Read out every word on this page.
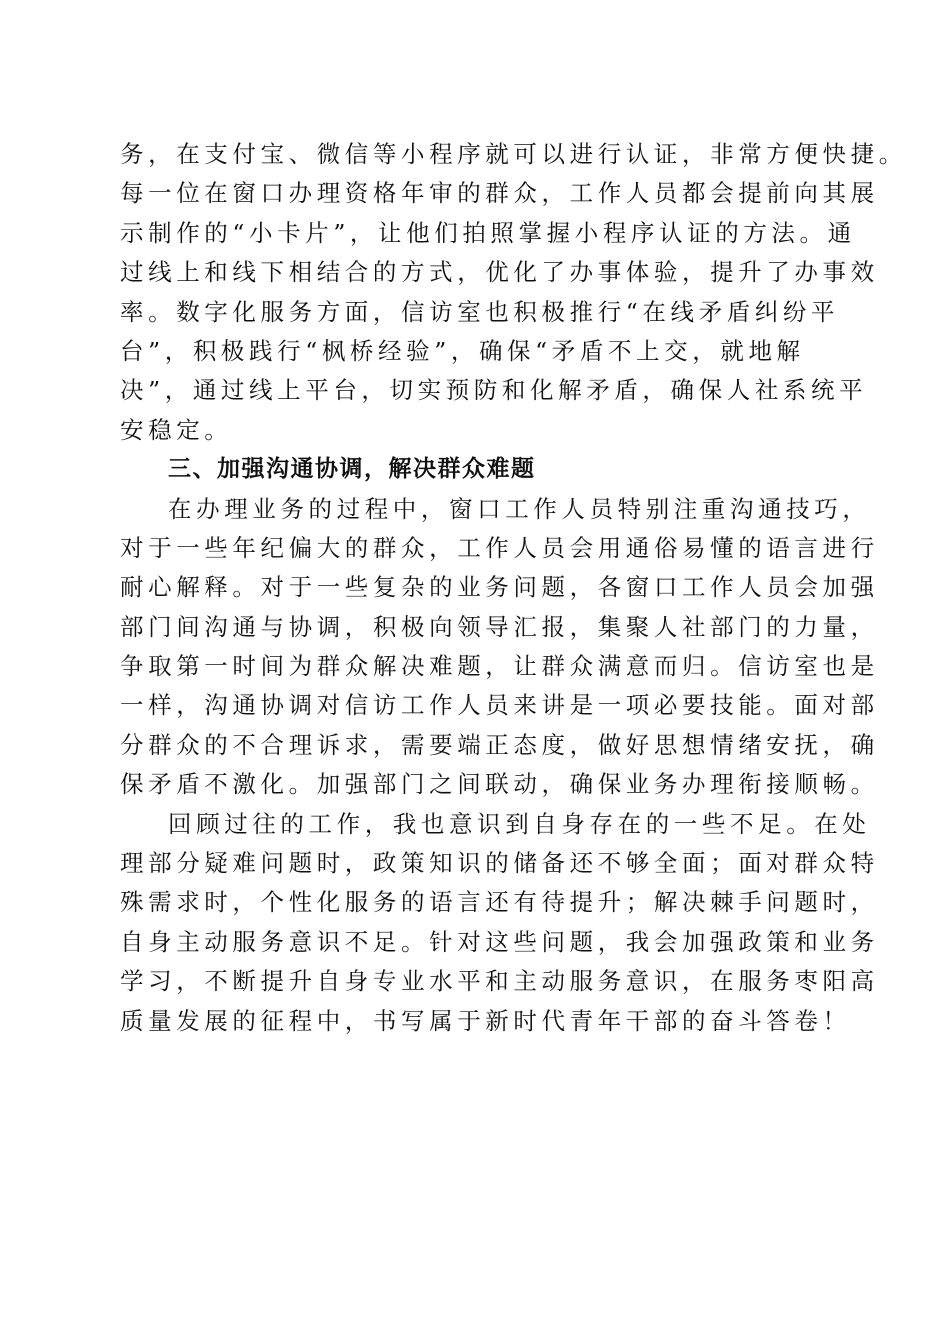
务，在支付宝、微信等小程序就可以进行认证，非常方便快捷。
每一位在窗口办理资格年审的群众，工作人员都会提前向其展
示制作的“小卡片”，让他们拍照掌握小程序认证的方法。通
过线上和线下相结合的方式，优化了办事体验，提升了办事效
率。数字化服务方面，信访室也积极推行“在线矛盾纠纷平
台”，积极践行“枫桥经验”，确保“矛盾不上交，就地解
决”，通过线上平台，切实预防和化解矛盾，确保人社系统平
安稳定。
三、加强沟通协调，解决群众难题
在办理业务的过程中，窗口工作人员特别注重沟通技巧，
对于一些年纪偏大的群众，工作人员会用通俗易懂的语言进行
耐心解释。对于一些复杂的业务问题，各窗口工作人员会加强
部门间沟通与协调，积极向领导汇报，集聚人社部门的力量，
争取第一时间为群众解决难题，让群众满意而归。信访室也是
一样，沟通协调对信访工作人员来讲是一项必要技能。面对部
分群众的不合理诉求，需要端正态度，做好思想情绪安抚，确
保矛盾不激化。加强部门之间联动，确保业务办理衔接顺畅。
回顾过往的工作，我也意识到自身存在的一些不足。在处
理部分疑难问题时，政策知识的储备还不够全面；面对群众特
殊需求时，个性化服务的语言还有待提升；解决棘手问题时，
自身主动服务意识不足。针对这些问题，我会加强政策和业务
学习，不断提升自身专业水平和主动服务意识，在服务枣阳高
质量发展的征程中，书写属于新时代青年干部的奋斗答卷！
